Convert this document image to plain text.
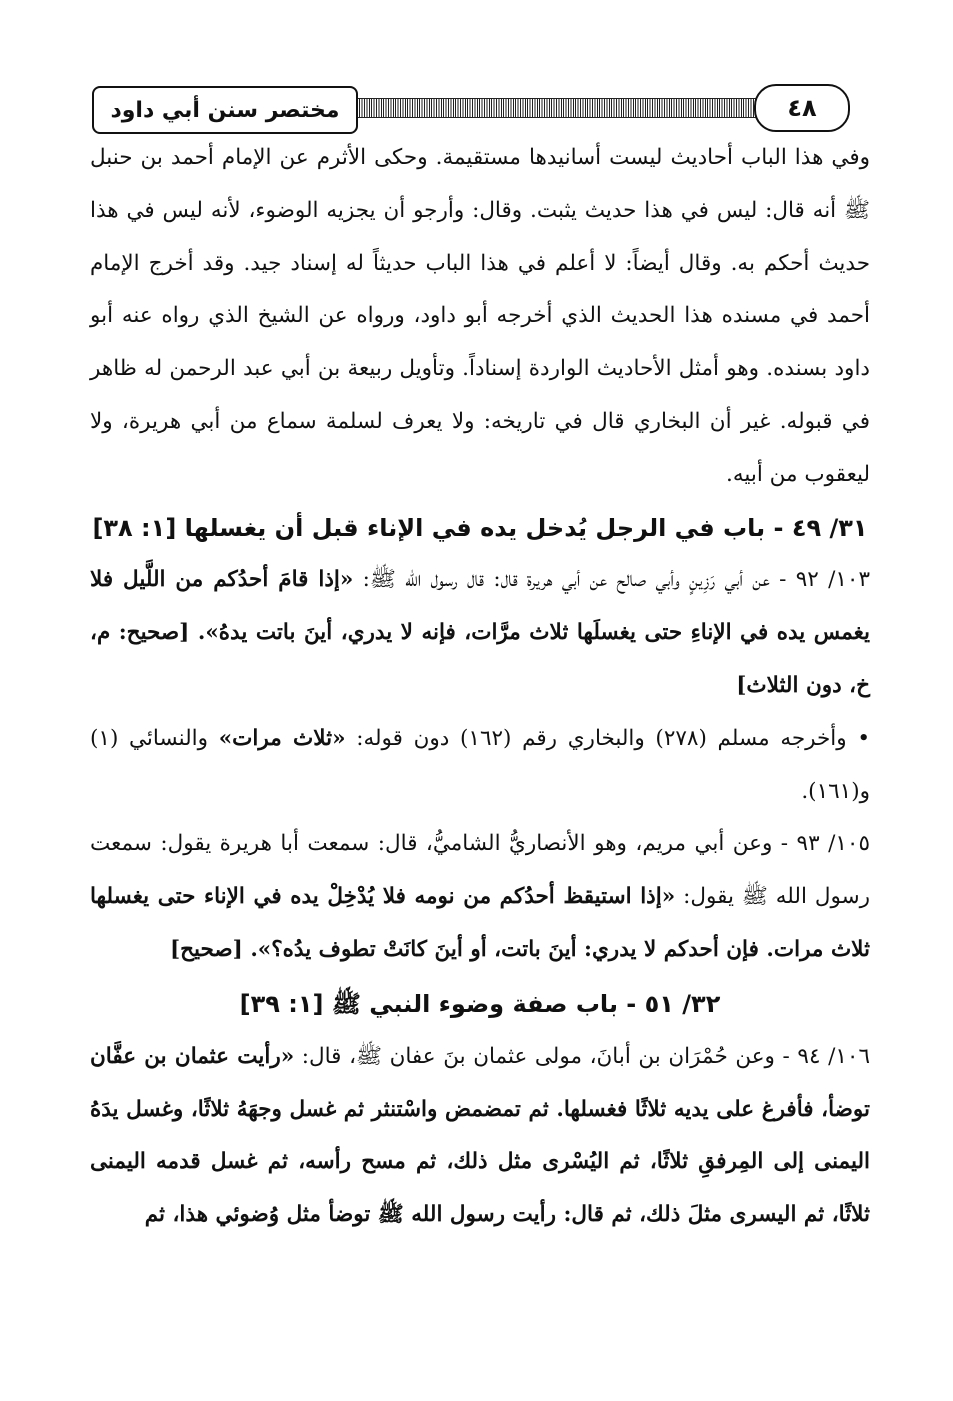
مختصر سنن أبي داود	٤٨

وفي هذا الباب أحاديث ليست أسانيدها مستقيمة. وحكى الأثرم عن الإمام أحمد بن حنبل ﷺ أنه قال: ليس في هذا حديث يثبت. وقال: وأرجو أن يجزيه الوضوء، لأنه ليس في هذا حديث أحكم به. وقال أيضاً: لا أعلم في هذا الباب حديثاً له إسناد جيد. وقد أخرج الإمام أحمد في مسنده هذا الحديث الذي أخرجه أبو داود، ورواه عن الشيخ الذي رواه عنه أبو داود بسنده. وهو أمثل الأحاديث الواردة إسناداً. وتأويل ربيعة بن أبي عبد الرحمن له ظاهر في قبوله. غير أن البخاري قال في تاريخه: ولا يعرف لسلمة سماع من أبي هريرة، ولا ليعقوب من أبيه.

٣١/ ٤٩ - باب في الرجل يُدخل يده في الإناء قبل أن يغسلها [١: ٣٨]

١٠٣/ ٩٢ - عن أبي رَزِينٍ وأبي صالح عن أبي هريرة قال: قال رسول الله ﷺ: «إذا قامَ أحدُكم من اللَّيل فلا يغمس يده في الإناءِ حتى يغسلَها ثلاث مرَّات، فإنه لا يدري، أينَ باتت يدهُ». [صحيح: م، خ، دون الثلاث]

• وأخرجه مسلم (٢٧٨) والبخاري رقم (١٦٢) دون قوله: «ثلاث مرات» والنسائي (١) و(١٦١).

١٠٥/ ٩٣ - وعن أبي مريم، وهو الأنصاريُّ الشاميُّ، قال: سمعت أبا هريرة يقول: سمعت رسول الله ﷺ يقول: «إذا استيقظ أحدُكم من نومه فلا يُدْخِلْ يده في الإناء حتى يغسلها ثلاث مرات. فإن أحدكم لا يدري: أينَ باتت، أو أينَ كانَتْ تطوف يدُه؟». [صحيح]

٣٢/ ٥١ - باب صفة وضوء النبي ﷺ [١: ٣٩]

١٠٦/ ٩٤ - وعن حُمْرَان بن أبانَ، مولى عثمان بنَ عفان ﷺ، قال: «رأيت عثمان بن عفَّان توضأ، فأفرغ على يديه ثلاثًا فغسلها. ثم تمضمض واسْتنثر ثم غسل وجهَهُ ثلاثًا، وغسل يدَهُ اليمنى إلى المِرفقِ ثلاثًا، ثم اليُسْرى مثل ذلك، ثم مسح رأسه، ثم غسل قدمه اليمنى ثلاثًا، ثم اليسرى مثلَ ذلك، ثم قال: رأيت رسول الله ﷺ توضأ مثل وُضوئي هذا، ثم
